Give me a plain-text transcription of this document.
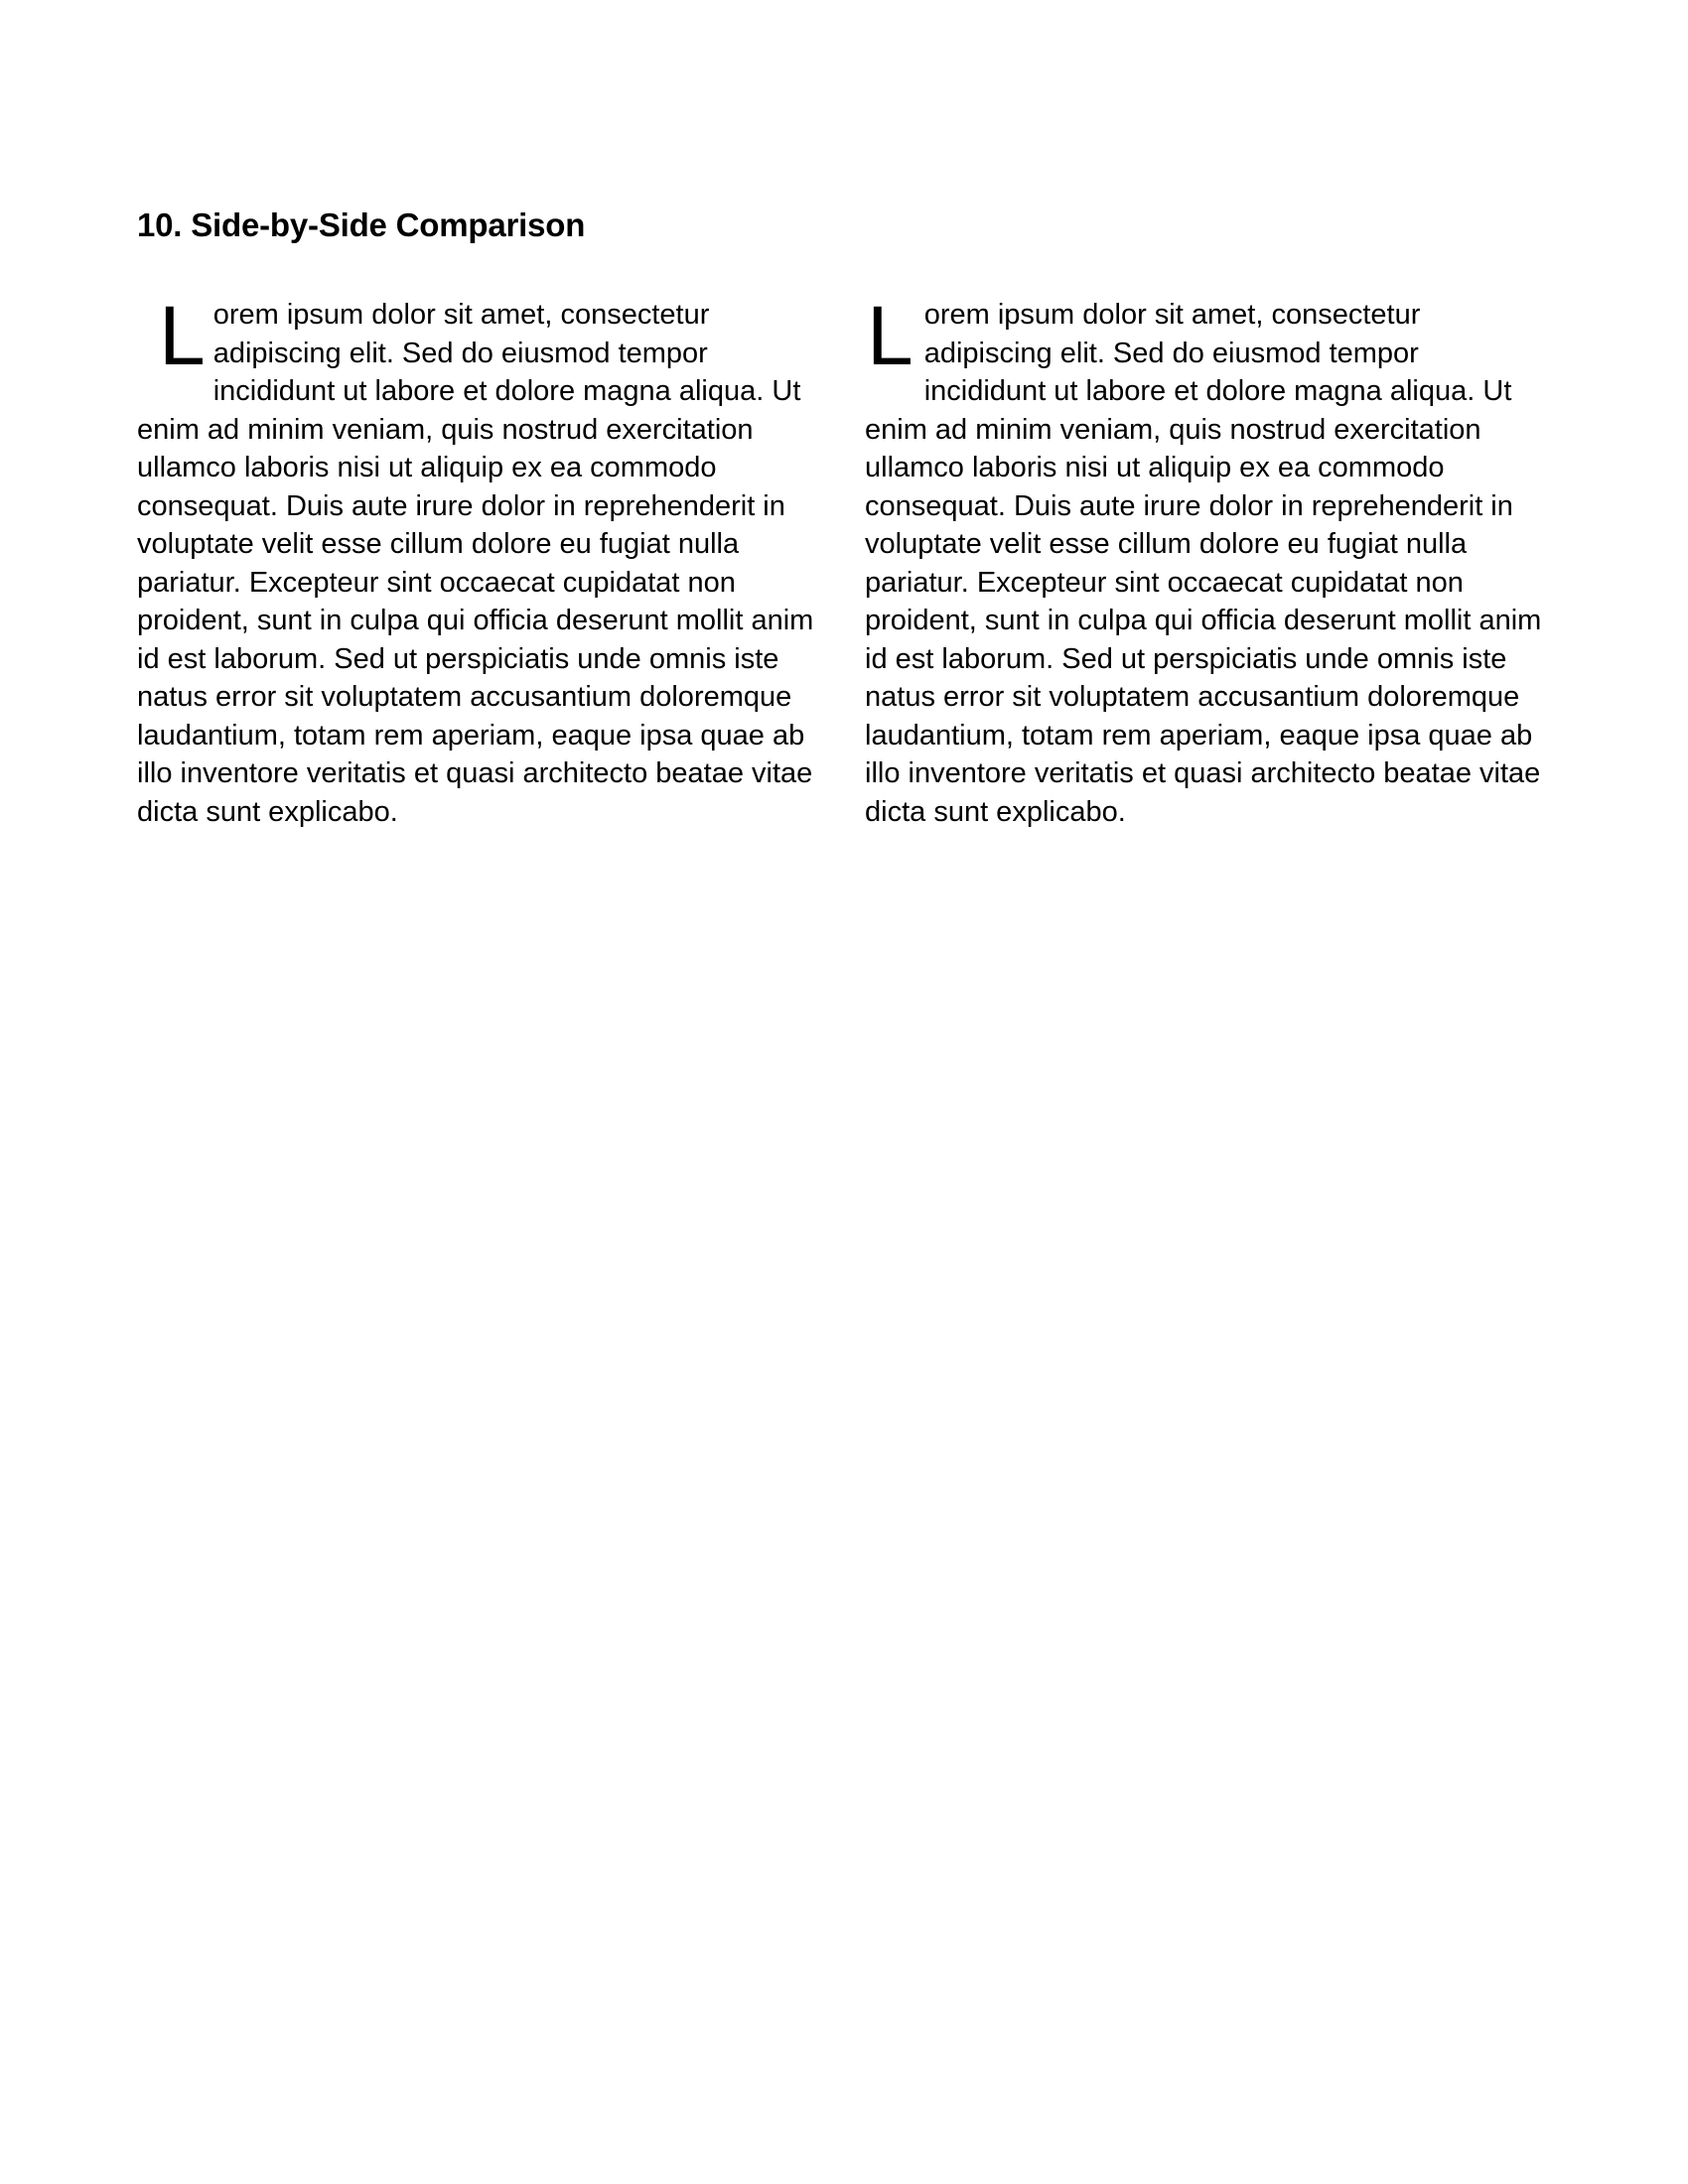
10. Side-by-Side Comparison
L orem ipsum dolor sit amet, consectetur adipiscing elit. Sed do eiusmod tempor incididunt ut labore et dolore magna aliqua. Ut enim ad minim veniam, quis nostrud exercitation ullamco laboris nisi ut aliquip ex ea commodo consequat. Duis aute irure dolor in reprehenderit in voluptate velit esse cillum dolore eu fugiat nulla pariatur. Excepteur sint occaecat cupidatat non proident, sunt in culpa qui officia deserunt mollit anim id est laborum. Sed ut perspiciatis unde omnis iste natus error sit voluptatem accusantium doloremque laudantium, totam rem aperiam, eaque ipsa quae ab illo inventore veritatis et quasi architecto beatae vitae dicta sunt explicabo.

L orem ipsum dolor sit amet, consectetur adipiscing elit. Sed do eiusmod tempor incididunt ut labore et dolore magna aliqua. Ut enim ad minim veniam, quis nostrud exercitation ullamco laboris nisi ut aliquip ex ea commodo consequat. Duis aute irure dolor in reprehenderit in voluptate velit esse cillum dolore eu fugiat nulla pariatur. Excepteur sint occaecat cupidatat non proident, sunt in culpa qui officia deserunt mollit anim id est laborum. Sed ut perspiciatis unde omnis iste natus error sit voluptatem accusantium doloremque laudantium, totam rem aperiam, eaque ipsa quae ab illo inventore veritatis et quasi architecto beatae vitae dicta sunt explicabo.
